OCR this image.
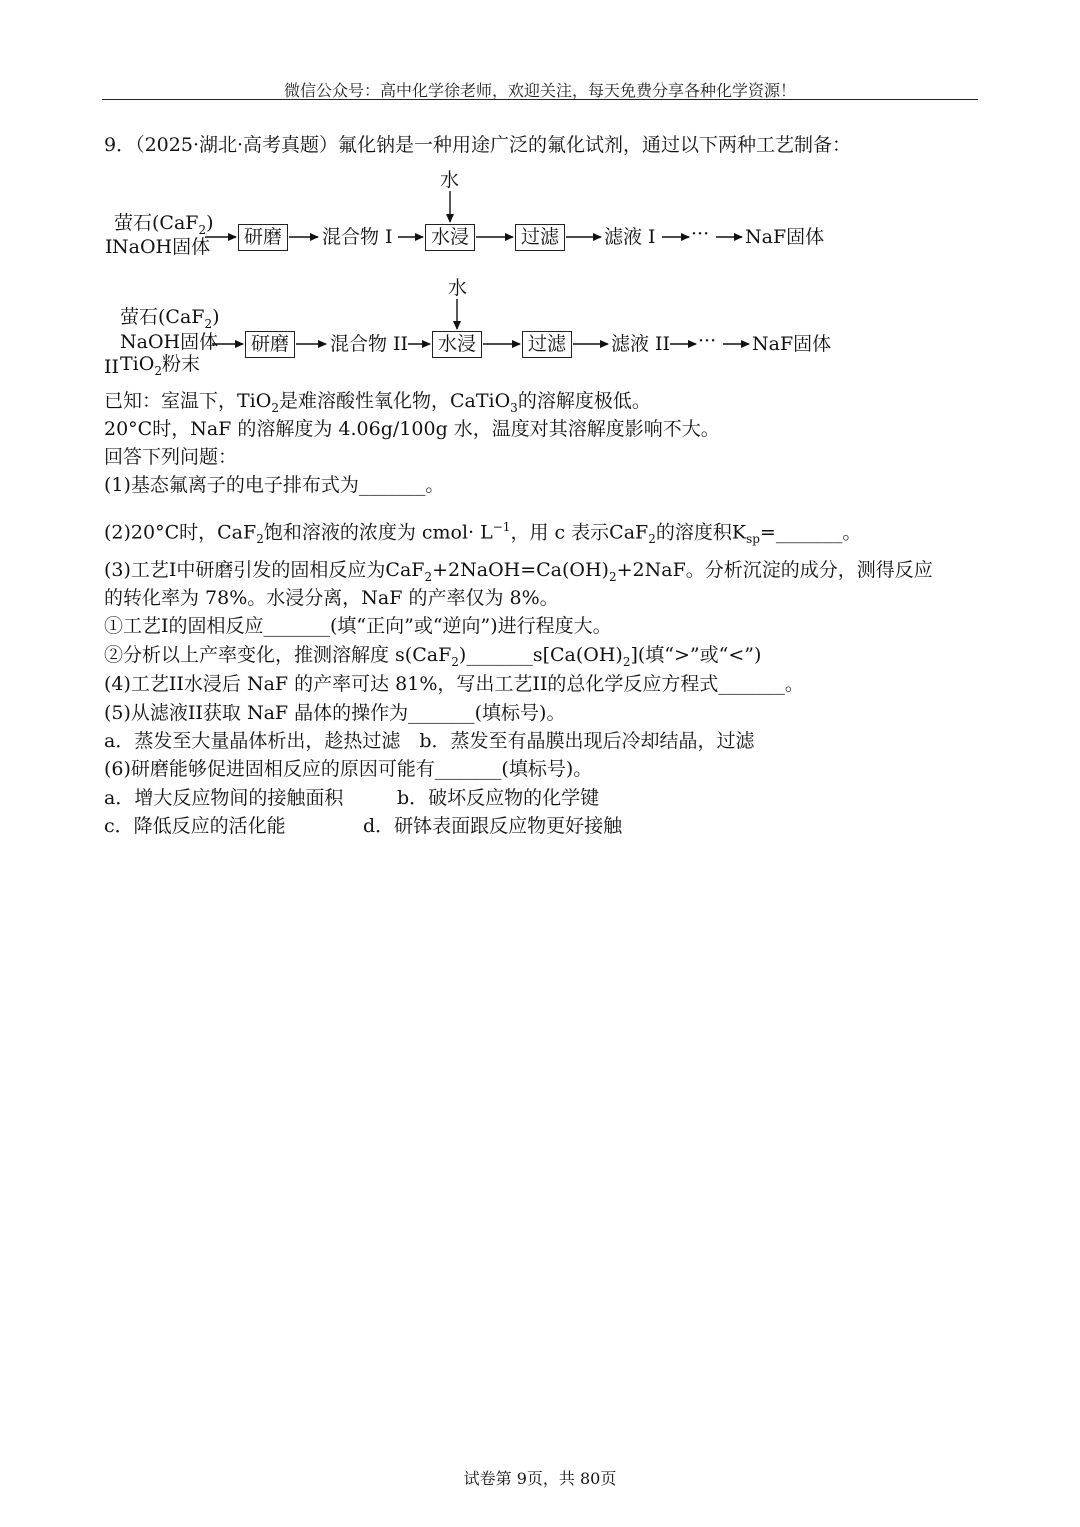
微信公众号：高中化学徐老师，欢迎关注，每天免费分享各种化学资源！
9．（2025·湖北·高考真题）氟化钠是一种用途广泛的氟化试剂，通过以下两种工艺制备：
萤石(CaF$_2$)
I NaOH固体	研磨	混合物 I
水
水浸	过滤	滤液 I ··· NaF固体
萤石(CaF$_2$)
NaOH固体
II TiO$_2$粉末
研磨	混合物 II
水
水浸	过滤	滤液 II ··· NaF固体
已知：室温下，TiO$_2$是难溶酸性氧化物，CaTiO$_3$的溶解度极低。
20°C时，NaF 的溶解度为 4.06g/100g 水，温度对其溶解度影响不大。
回答下列问题：
(1)基态氟离子的电子排布式为_______。
(2)20°C时，CaF$_2$饱和溶液的浓度为 cmol· $L^{-1}$，用 c 表示CaF$_2$的溶度积$K_{sp}=\_\_\_\_\_\_\_$。
(3)工艺I中研磨引发的固相反应为$CaF_2+2NaOH=Ca(OH)_2+2NaF$。分析沉淀的成分，测得反应
的转化率为 78%。水浸分离，NaF 的产率仅为 8%。
①工艺I的固相反应_______(填“正向”或“逆向”)进行程度大。
②分析以上产率变化，推测溶解度 $s(CaF_2)\_\_\_\_\_\_\_s[Ca(OH)_2]$(填“>”或“<”)
(4)工艺II水浸后 NaF 的产率可达 81%，写出工艺II的总化学反应方程式_______。
(5)从滤液II获取 NaF 晶体的操作为_______(填标号)。
a．蒸发至大量晶体析出，趁热过滤　b．蒸发至有晶膜出现后冷却结晶，过滤
(6)研磨能够促进固相反应的原因可能有_______(填标号)。
a．增大反应物间的接触面积	b．破坏反应物的化学键
c．降低反应的活化能	d．研钵表面跟反应物更好接触
试卷第 9页，共 80页
